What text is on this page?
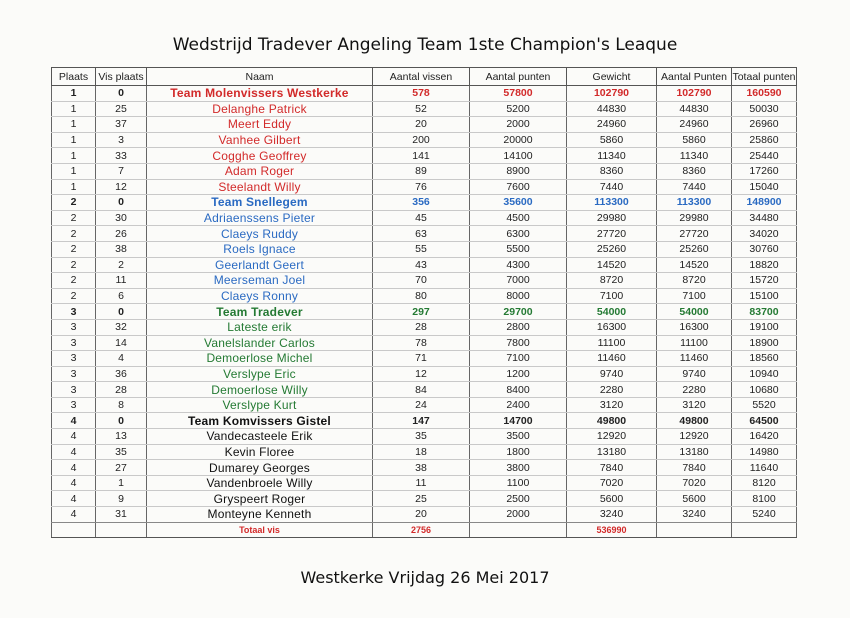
Wedstrijd Tradever Angeling Team 1ste Champion's Leaque
Plaats	Vis plaats	Naam	Aantal vissen	Aantal punten	Gewicht	Aantal Punten	Totaal punten
1	0	Team Molenvissers Westkerke	578	57800	102790	102790	160590
1	25	Delanghe Patrick	52	5200	44830	44830	50030
1	37	Meert Eddy	20	2000	24960	24960	26960
1	3	Vanhee Gilbert	200	20000	5860	5860	25860
1	33	Cogghe Geoffrey	141	14100	11340	11340	25440
1	7	Adam Roger	89	8900	8360	8360	17260
1	12	Steelandt Willy	76	7600	7440	7440	15040
2	0	Team Snellegem	356	35600	113300	113300	148900
2	30	Adriaenssens Pieter	45	4500	29980	29980	34480
2	26	Claeys Ruddy	63	6300	27720	27720	34020
2	38	Roels Ignace	55	5500	25260	25260	30760
2	2	Geerlandt Geert	43	4300	14520	14520	18820
2	11	Meerseman Joel	70	7000	8720	8720	15720
2	6	Claeys Ronny	80	8000	7100	7100	15100
3	0	Team Tradever	297	29700	54000	54000	83700
3	32	Lateste erik	28	2800	16300	16300	19100
3	14	Vanelslander Carlos	78	7800	11100	11100	18900
3	4	Demoerlose Michel	71	7100	11460	11460	18560
3	36	Verslype Eric	12	1200	9740	9740	10940
3	28	Demoerlose Willy	84	8400	2280	2280	10680
3	8	Verslype Kurt	24	2400	3120	3120	5520
4	0	Team Komvissers Gistel	147	14700	49800	49800	64500
4	13	Vandecasteele Erik	35	3500	12920	12920	16420
4	35	Kevin Floree	18	1800	13180	13180	14980
4	27	Dumarey Georges	38	3800	7840	7840	11640
4	1	Vandenbroele Willy	11	1100	7020	7020	8120
4	9	Gryspeert Roger	25	2500	5600	5600	8100
4	31	Monteyne Kenneth	20	2000	3240	3240	5240
		Totaal vis	2756		536990		
Westkerke Vrijdag 26 Mei 2017
